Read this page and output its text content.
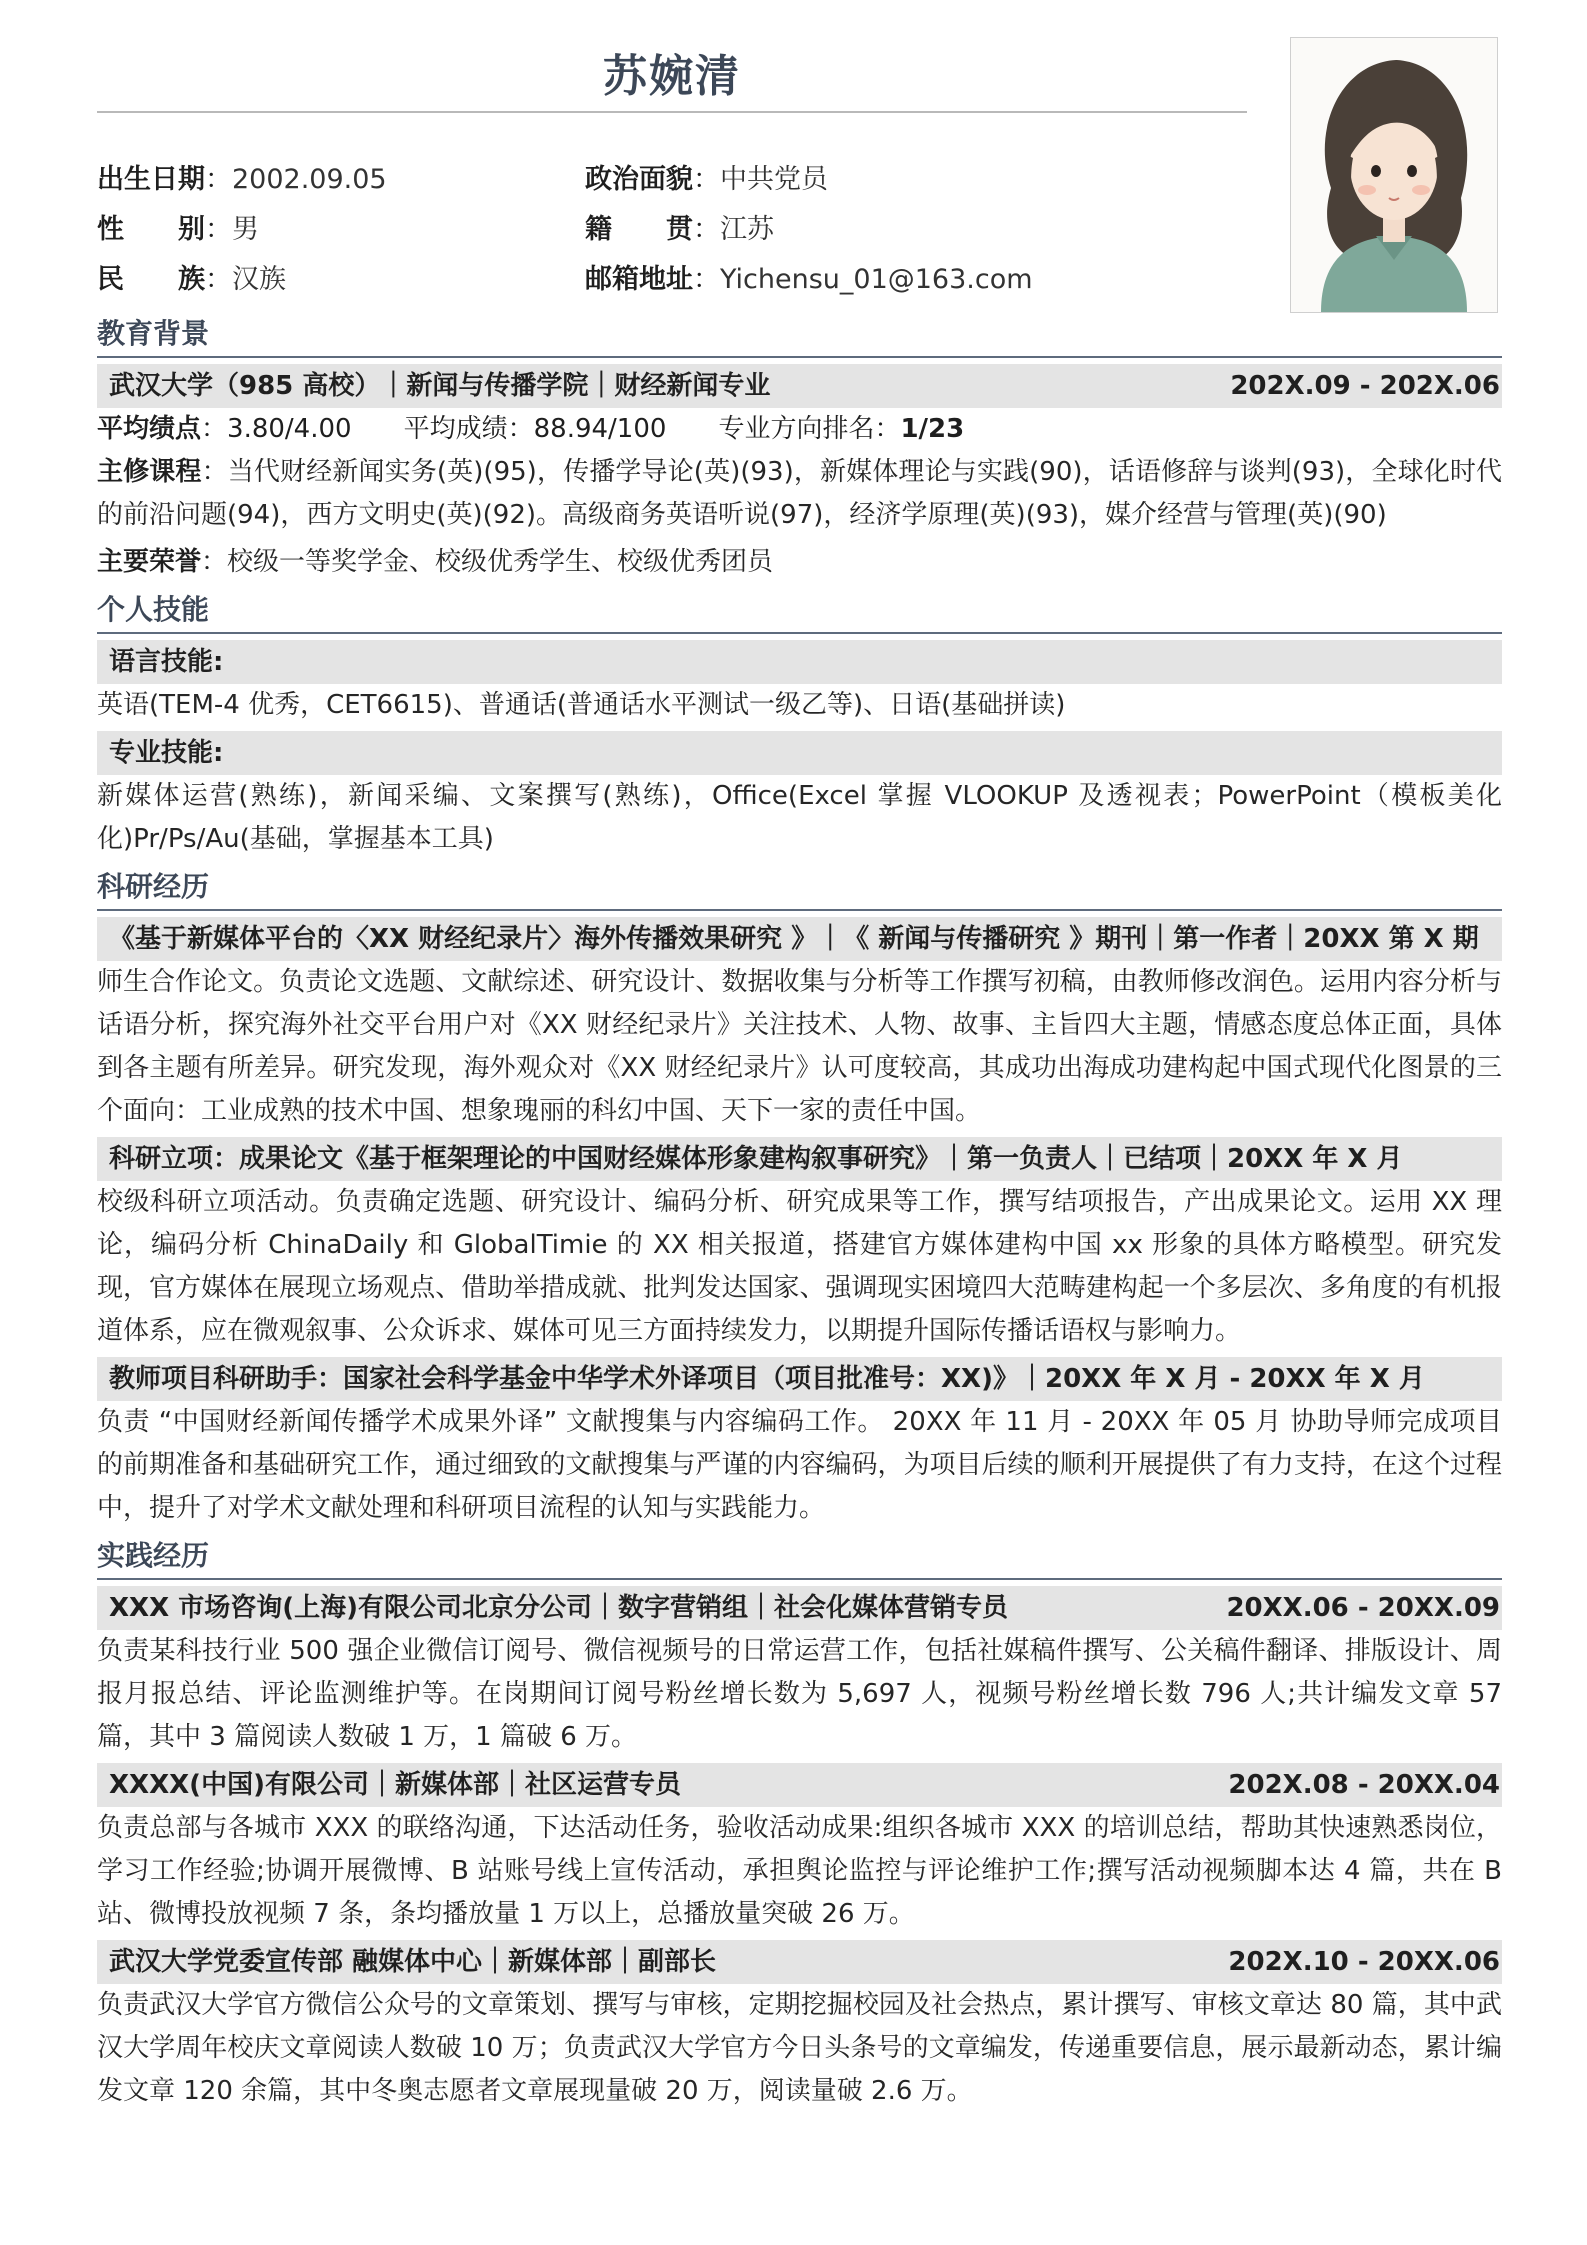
苏婉清
出生日期 ： 2002.09.05	政治面貌 ： 中共党员
性　　别 ： 男	籍　　贯 ： 江苏
民　　族 ： 汉族	邮箱地址 ： Yichensu_01@163.com
教育背景
武汉大学（985 高校）｜新闻与传播学院｜财经新闻专业	202X.09 - 202X.06
平均绩点：3.80/4.00 平均成绩：88.94/100 专业方向排名：1/23
主修课程：当代财经新闻实务(英)(95)，传播学导论(英)(93)，新媒体理论与实践(90)，话语修辞与谈判(93)，全球化时代的前沿问题(94)，西方文明史(英)(92)。高级商务英语听说(97)，经济学原理(英)(93)，媒介经营与管理(英)(90)
主要荣誉：校级一等奖学金、校级优秀学生、校级优秀团员
个人技能
语言技能:
英语(TEM-4 优秀，CET6615)、普通话(普通话水平测试一级乙等)、日语(基础拼读)
专业技能:
新媒体运营(熟练)，新闻采编、文案撰写(熟练)，Office(Excel 掌握 VLOOKUP 及透视表；PowerPoint（模板美化化)Pr/Ps/Au(基础，掌握基本工具)
科研经历
《基于新媒体平台的〈XX 财经纪录片〉海外传播效果研究 》｜《 新闻与传播研究 》期刊｜第一作者｜20XX 第 X 期
师生合作论文。负责论文选题、文献综述、研究设计、数据收集与分析等工作撰写初稿，由教师修改润色。运用内容分析与话语分析，探究海外社交平台用户对《XX 财经纪录片》关注技术、人物、故事、主旨四大主题，情感态度总体正面，具体到各主题有所差异。研究发现，海外观众对《XX 财经纪录片》认可度较高，其成功出海成功建构起中国式现代化图景的三个面向：工业成熟的技术中国、想象瑰丽的科幻中国、天下一家的责任中国。
科研立项：成果论文《基于框架理论的中国财经媒体形象建构叙事研究》｜第一负责人｜已结项｜20XX 年 X 月
校级科研立项活动。负责确定选题、研究设计、编码分析、研究成果等工作，撰写结项报告，产出成果论文。运用 XX 理论，编码分析 ChinaDaily 和 GlobalTimie 的 XX 相关报道，搭建官方媒体建构中国 xx 形象的具体方略模型。研究发现，官方媒体在展现立场观点、借助举措成就、批判发达国家、强调现实困境四大范畴建构起一个多层次、多角度的有机报道体系，应在微观叙事、公众诉求、媒体可见三方面持续发力，以期提升国际传播话语权与影响力。
教师项目科研助手：国家社会科学基金中华学术外译项目（项目批准号：XX)》｜20XX 年 X 月 - 20XX 年 X 月
负责 “中国财经新闻传播学术成果外译” 文献搜集与内容编码工作。 20XX 年 11 月 - 20XX 年 05 月 协助导师完成项目的前期准备和基础研究工作，通过细致的文献搜集与严谨的内容编码，为项目后续的顺利开展提供了有力支持，在这个过程中，提升了对学术文献处理和科研项目流程的认知与实践能力。
实践经历
XXX 市场咨询(上海)有限公司北京分公司｜数字营销组｜社会化媒体营销专员	20XX.06 - 20XX.09
负责某科技行业 500 强企业微信订阅号、微信视频号的日常运营工作，包括社媒稿件撰写、公关稿件翻译、排版设计、周报月报总结、评论监测维护等。在岗期间订阅号粉丝增长数为 5,697 人，视频号粉丝增长数 796 人;共计编发文章 57 篇，其中 3 篇阅读人数破 1 万，1 篇破 6 万。
XXXX(中国)有限公司｜新媒体部｜社区运营专员	202X.08 - 20XX.04
负责总部与各城市 XXX 的联络沟通，下达活动任务，验收活动成果:组织各城市 XXX 的培训总结，帮助其快速熟悉岗位，学习工作经验;协调开展微博、B 站账号线上宣传活动，承担舆论监控与评论维护工作;撰写活动视频脚本达 4 篇，共在 B 站、微博投放视频 7 条，条均播放量 1 万以上，总播放量突破 26 万。
武汉大学党委宣传部 融媒体中心｜新媒体部｜副部长	202X.10 - 20XX.06
负责武汉大学官方微信公众号的文章策划、撰写与审核，定期挖掘校园及社会热点，累计撰写、审核文章达 80 篇，其中武汉大学周年校庆文章阅读人数破 10 万；负责武汉大学官方今日头条号的文章编发，传递重要信息，展示最新动态，累计编发文章 120 余篇，其中冬奥志愿者文章展现量破 20 万，阅读量破 2.6 万。
